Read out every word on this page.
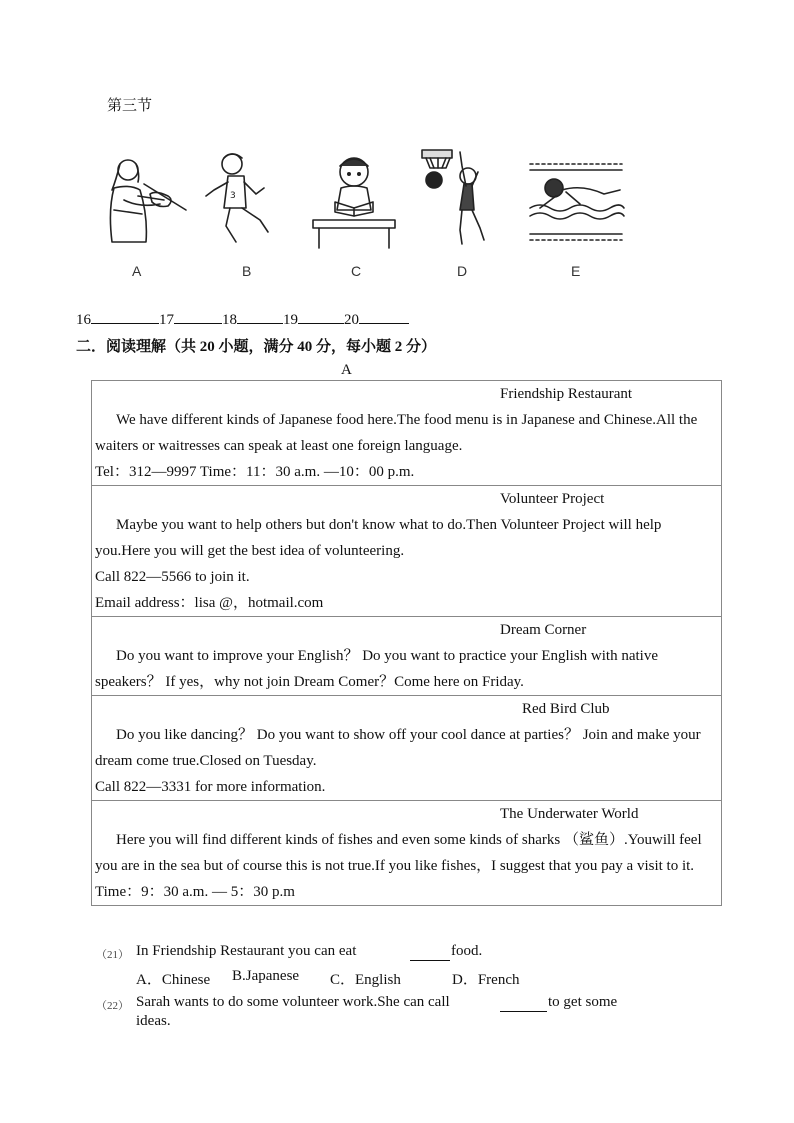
第三节
A
3
B	C	D	E
16	17	18	19	20
二．阅读理解（共 20 小题，满分 40 分，每小题 2 分）
A
Friendship Restaurant
We have different kinds of Japanese food here.The food menu is in Japanese and Chinese.All the waiters or waitresses can speak at least one foreign language.
Tel：312—9997 Time：11：30 a.m. —10：00 p.m.

Volunteer Project
Maybe you want to help others but don't know what to do.Then Volunteer Project will help you.Here you will get the best idea of volunteering.
Call 822—5566 to join it.
Email address：lisa @，hotmail.com

Dream Corner
Do you want to improve your English？ Do you want to practice your English with native speakers？ If yes，why not join Dream Comer？Come here on Friday.

Red Bird Club
Do you like dancing？ Do you want to show off your cool dance at parties？ Join and make your dream come true.Closed on Tuesday.
Call 822—3331 for more information.

The Underwater World
Here you will find different kinds of fishes and even some kinds of sharks （鲨鱼）.Youwill feel you are in the sea but of course this is not true.If you like fishes，I suggest that you pay a visit to it.
Time：9：30 a.m. — 5：30 p.m
（21） In Friendship Restaurant you can eat	food.
A．Chinese B.Japanese C．English	D．French
（22） Sarah wants to do some volunteer work.She can call	to get some
ideas.
